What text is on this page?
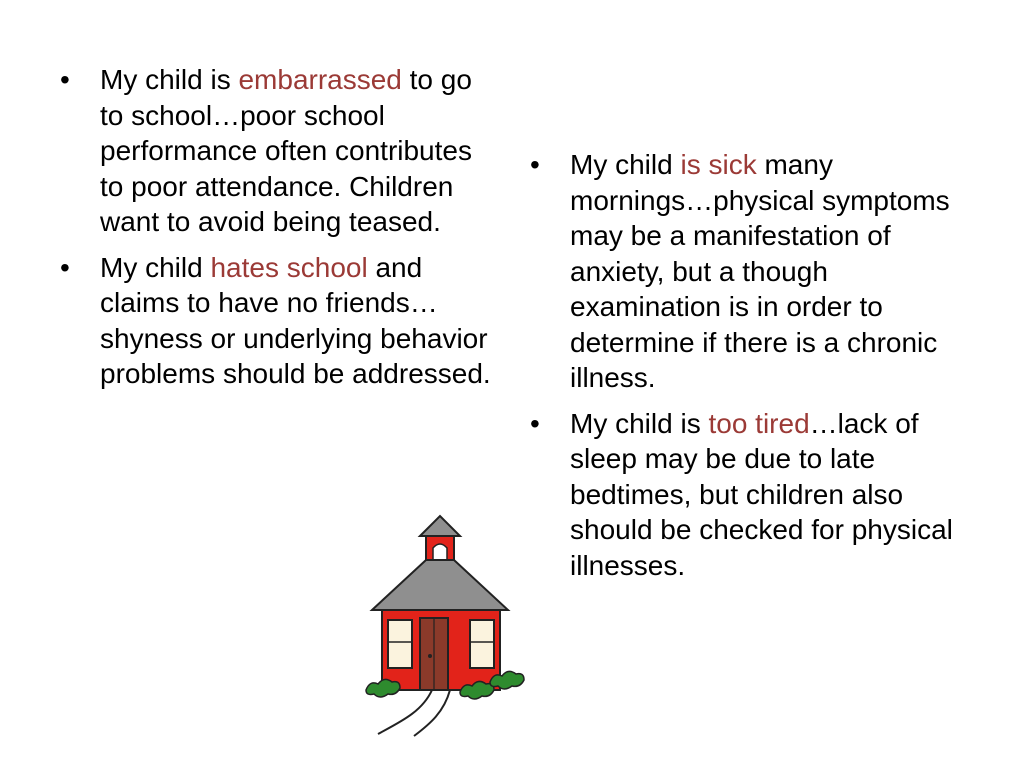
• My child is embarrassed to go to school…poor school performance often contributes to poor attendance. Children want to avoid being teased.
• My child hates school and claims to have no friends…shyness or underlying behavior problems should be addressed.
• My child is sick many mornings…physical symptoms may be a manifestation of anxiety, but a though examination is in order to determine if there is a chronic illness.
• My child is too tired…lack of sleep may be due to late bedtimes, but children also should be checked for physical illnesses.
